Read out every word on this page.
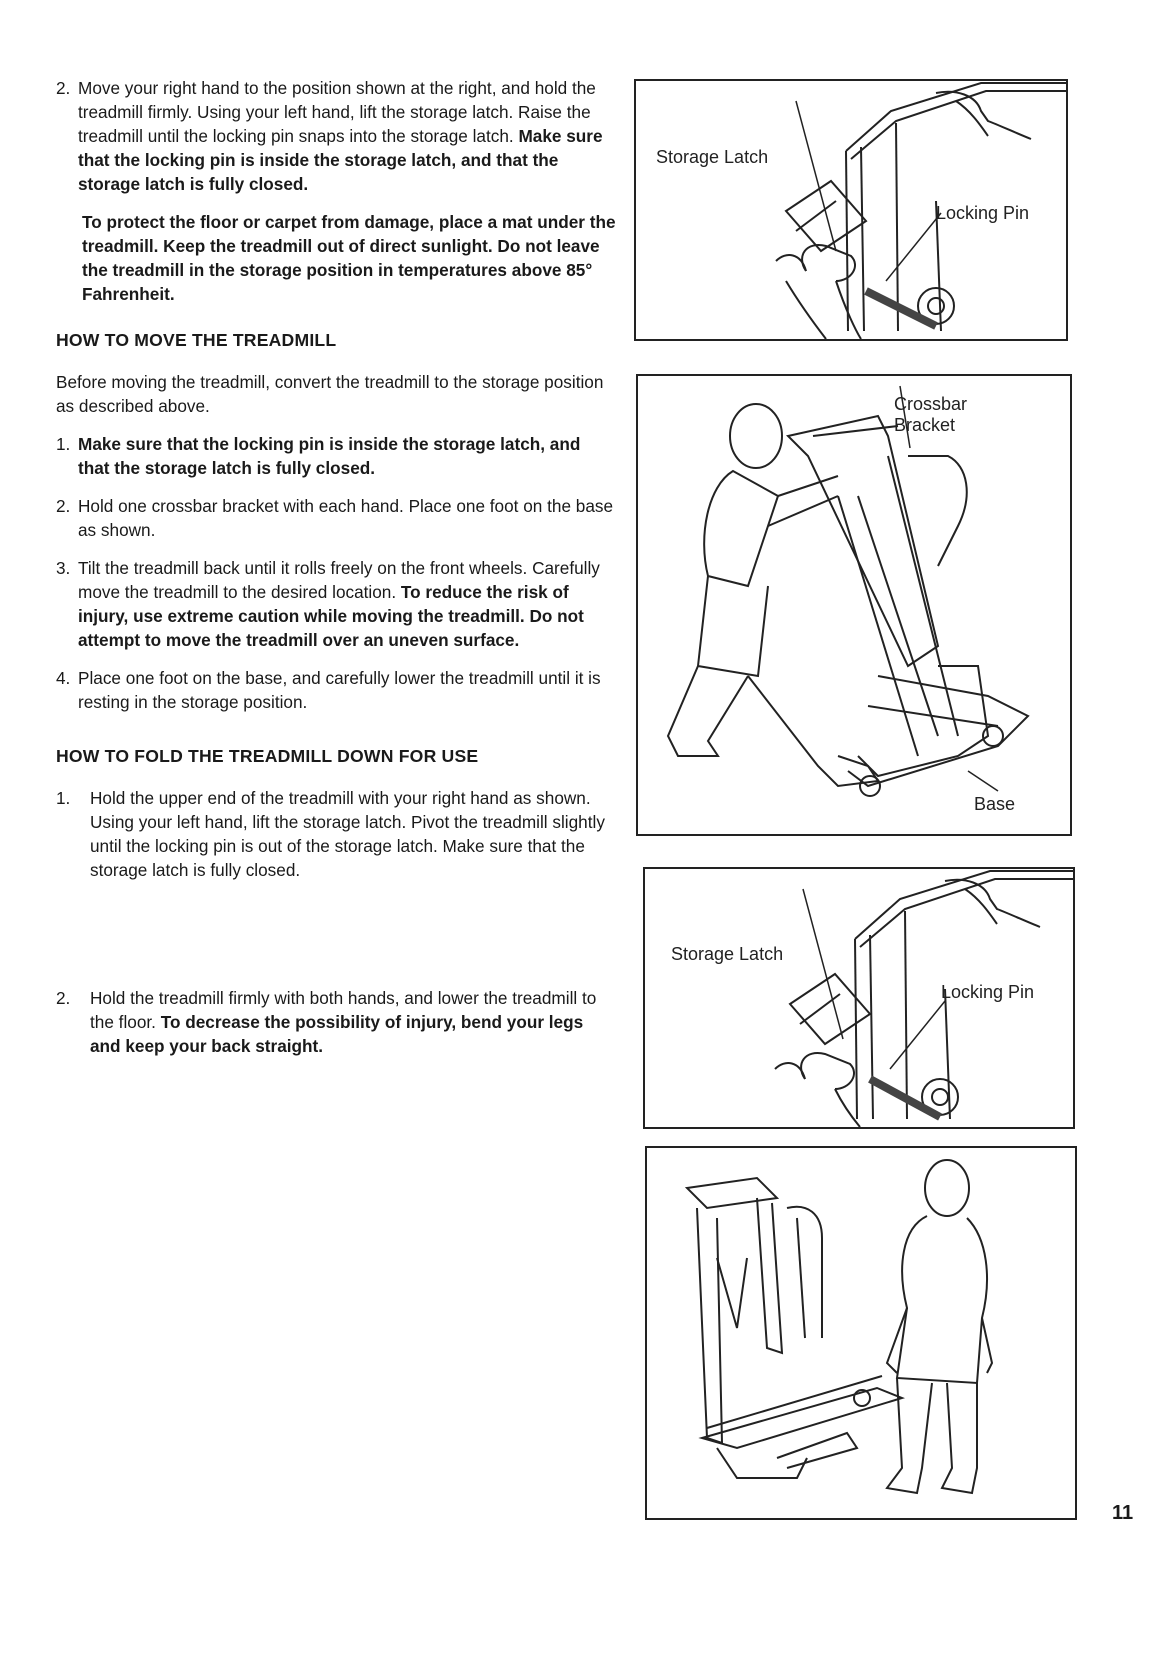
2. Move your right hand to the position shown at the right, and hold the treadmill firmly. Using your left hand, lift the storage latch. Raise the treadmill until the locking pin snaps into the storage latch. Make sure that the locking pin is inside the storage latch, and that the storage latch is fully closed.

To protect the floor or carpet from damage, place a mat under the treadmill. Keep the treadmill out of direct sunlight. Do not leave the treadmill in the storage position in temperatures above 85° Fahrenheit.

HOW TO MOVE THE TREADMILL

Before moving the treadmill, convert the treadmill to the storage position as described above.

1. Make sure that the locking pin is inside the storage latch, and that the storage latch is fully closed.
2. Hold one crossbar bracket with each hand. Place one foot on the base as shown.
3. Tilt the treadmill back until it rolls freely on the front wheels. Carefully move the treadmill to the desired location. To reduce the risk of injury, use extreme caution while moving the treadmill. Do not attempt to move the treadmill over an uneven surface.
4. Place one foot on the base, and carefully lower the treadmill until it is resting in the storage position.
HOW TO FOLD THE TREADMILL DOWN FOR USE
1. Hold the upper end of the treadmill with your right hand as shown. Using your left hand, lift the storage latch. Pivot the treadmill slightly until the locking pin is out of the storage latch. Make sure that the storage latch is fully closed.
2. Hold the treadmill firmly with both hands, and lower the treadmill to the floor. To decrease the possibility of injury, bend your legs and keep your back straight.
Storage Latch
Locking Pin
Crossbar
Bracket
Base
Storage Latch
Locking Pin
11
